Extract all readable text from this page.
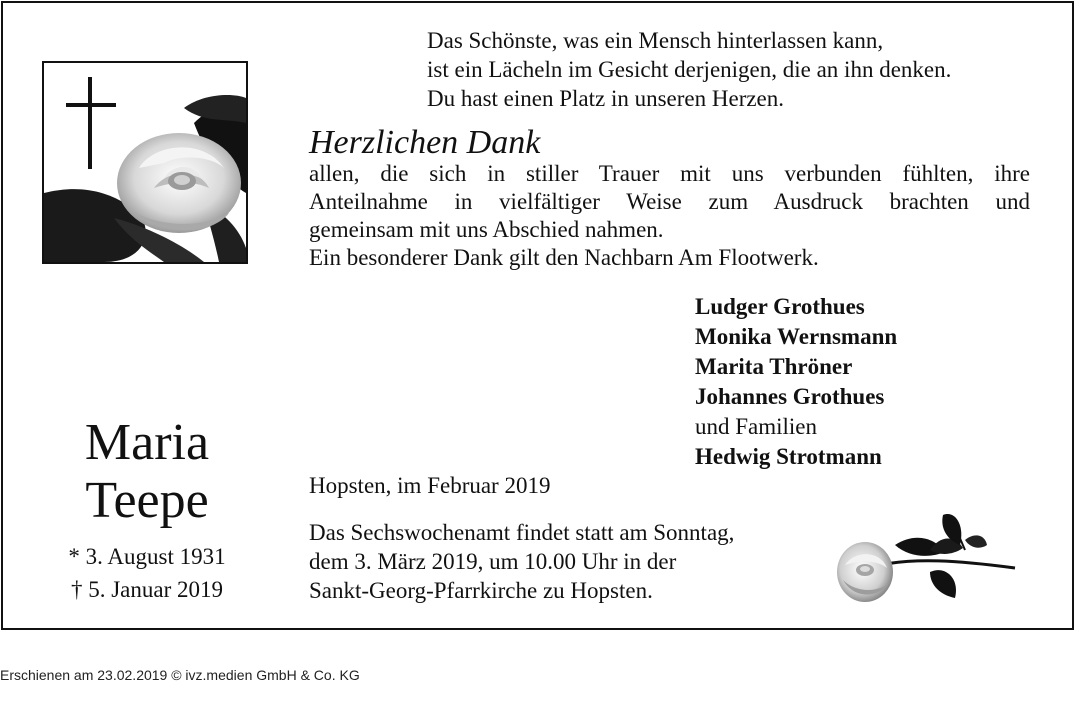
Das Schönste, was ein Mensch hinterlassen kann,
ist ein Lächeln im Gesicht derjenigen, die an ihn denken.
Du hast einen Platz in unseren Herzen.
Herzlichen Dank
allen, die sich in stiller Trauer mit uns verbunden fühlten, ihre
Anteilnahme in vielfältiger Weise zum Ausdruck brachten und
gemeinsam mit uns Abschied nahmen.
Ein besonderer Dank gilt den Nachbarn Am Flootwerk.
Ludger Grothues
Monika Wernsmann
Marita Thröner
Johannes Grothues
und Familien
Hedwig Strotmann
Hopsten, im Februar 2019
Das Sechswochenamt findet statt am Sonntag,
dem 3. März 2019, um 10.00 Uhr in der
Sankt-Georg-Pfarrkirche zu Hopsten.
Maria
Teepe
* 3. August 1931
† 5. Januar 2019
Erschienen am 23.02.2019 © ivz.medien GmbH & Co. KG
